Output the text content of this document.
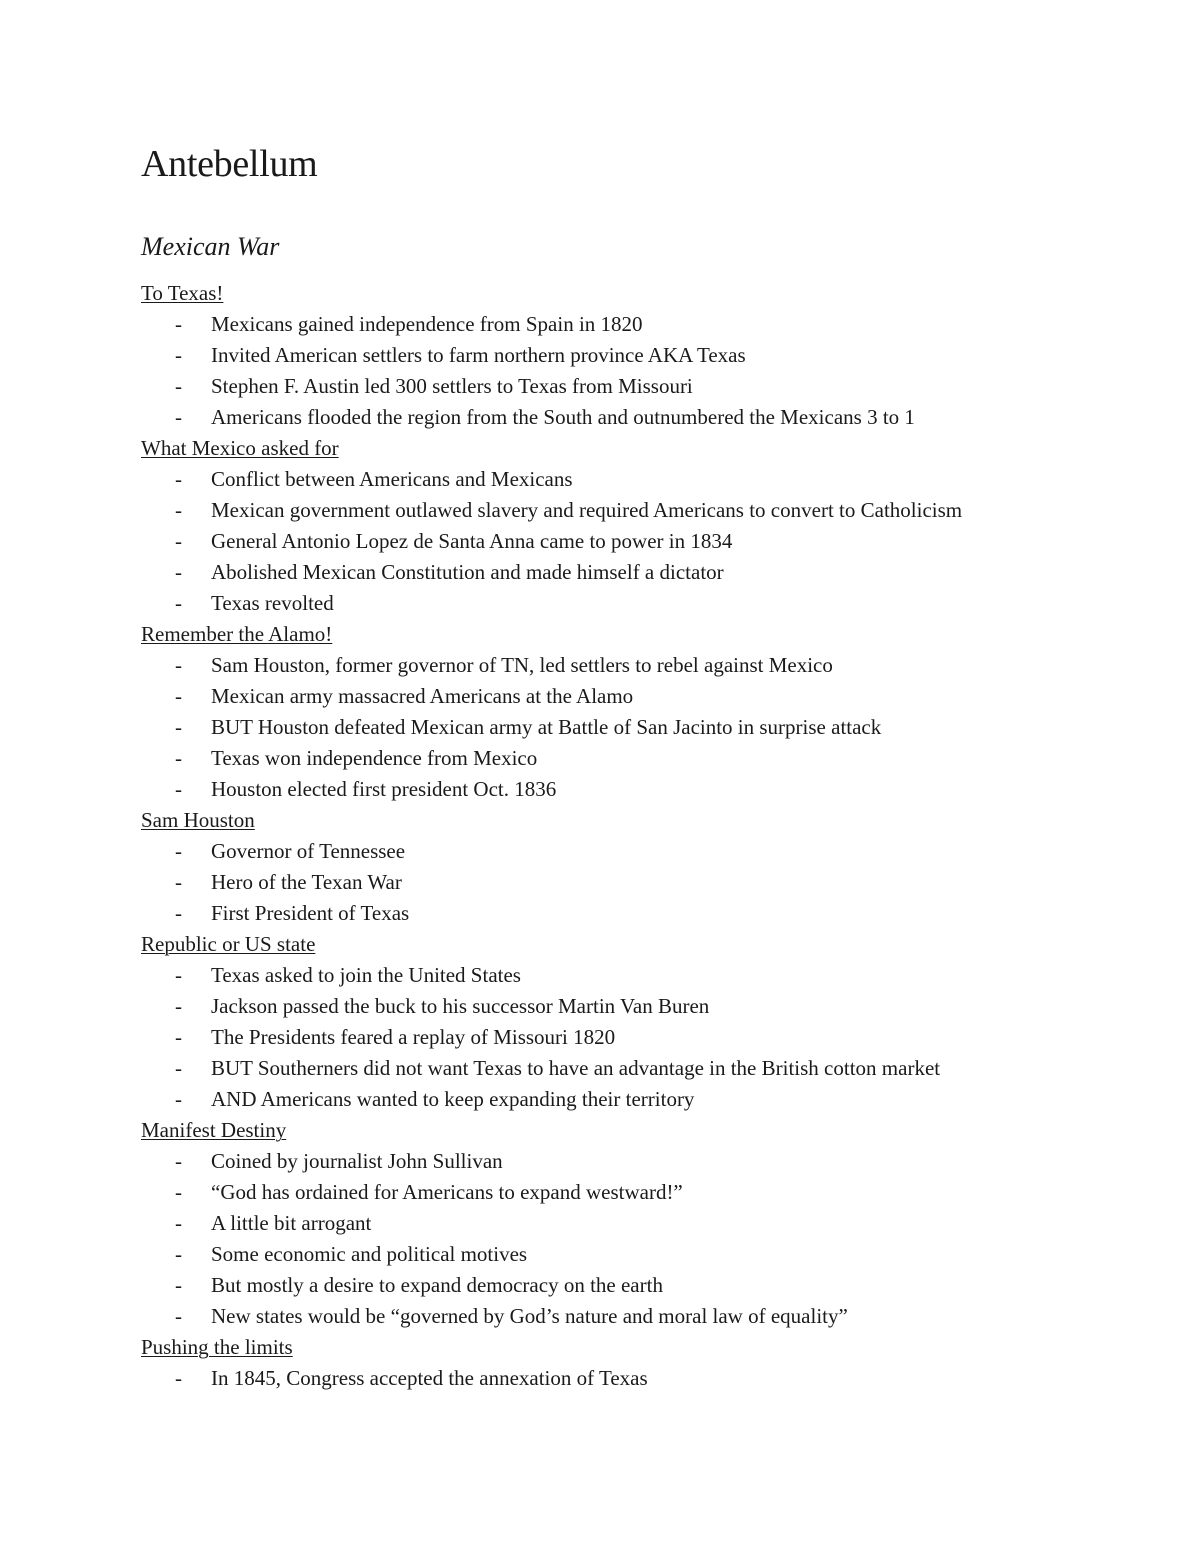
Antebellum
Mexican War
To Texas!
- Mexicans gained independence from Spain in 1820
- Invited American settlers to farm northern province AKA Texas
- Stephen F. Austin led 300 settlers to Texas from Missouri
- Americans flooded the region from the South and outnumbered the Mexicans 3 to 1
What Mexico asked for
- Conflict between Americans and Mexicans
- Mexican government outlawed slavery and required Americans to convert to Catholicism
- General Antonio Lopez de Santa Anna came to power in 1834
- Abolished Mexican Constitution and made himself a dictator
- Texas revolted
Remember the Alamo!
- Sam Houston, former governor of TN, led settlers to rebel against Mexico
- Mexican army massacred Americans at the Alamo
- BUT Houston defeated Mexican army at Battle of San Jacinto in surprise attack
- Texas won independence from Mexico
- Houston elected first president Oct. 1836
Sam Houston
- Governor of Tennessee
- Hero of the Texan War
- First President of Texas
Republic or US state
- Texas asked to join the United States
- Jackson passed the buck to his successor Martin Van Buren
- The Presidents feared a replay of Missouri 1820
- BUT Southerners did not want Texas to have an advantage in the British cotton market
- AND Americans wanted to keep expanding their territory
Manifest Destiny
- Coined by journalist John Sullivan
- “God has ordained for Americans to expand westward!”
- A little bit arrogant
- Some economic and political motives
- But mostly a desire to expand democracy on the earth
- New states would be “governed by God’s nature and moral law of equality”
Pushing the limits
- In 1845, Congress accepted the annexation of Texas
